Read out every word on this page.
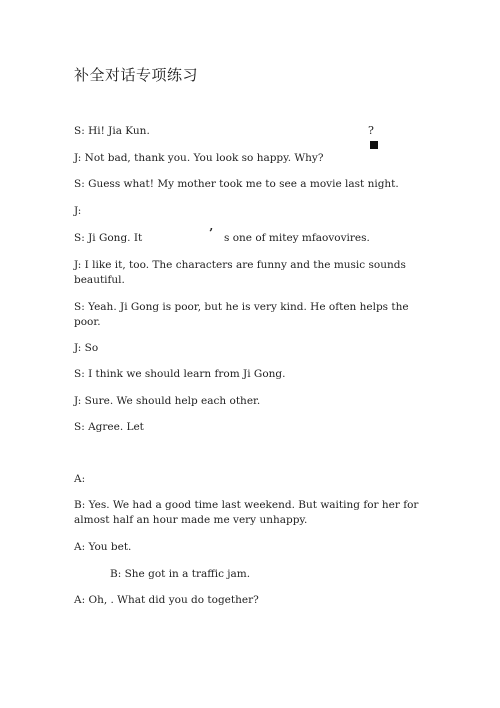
补全对话专项练习
S: Hi! Jia Kun.	?
J: Not bad, thank you. You look so happy. Why?
S: Guess what! My mother took me to see a movie last night.
J:
S: Ji Gong. It	’ s one of mitey mfaovovires.
J: I like it, too. The characters are funny and the music sounds beautiful.
S: Yeah. Ji Gong is poor, but he is very kind. He often helps the poor.
J: So
S: I think we should learn from Ji Gong.
J: Sure. We should help each other.
S: Agree. Let
A:
B: Yes. We had a good time last weekend. But waiting for her for almost half an hour made me very unhappy.
A: You bet.
B: She got in a traffic jam.
A: Oh, . What did you do together?
